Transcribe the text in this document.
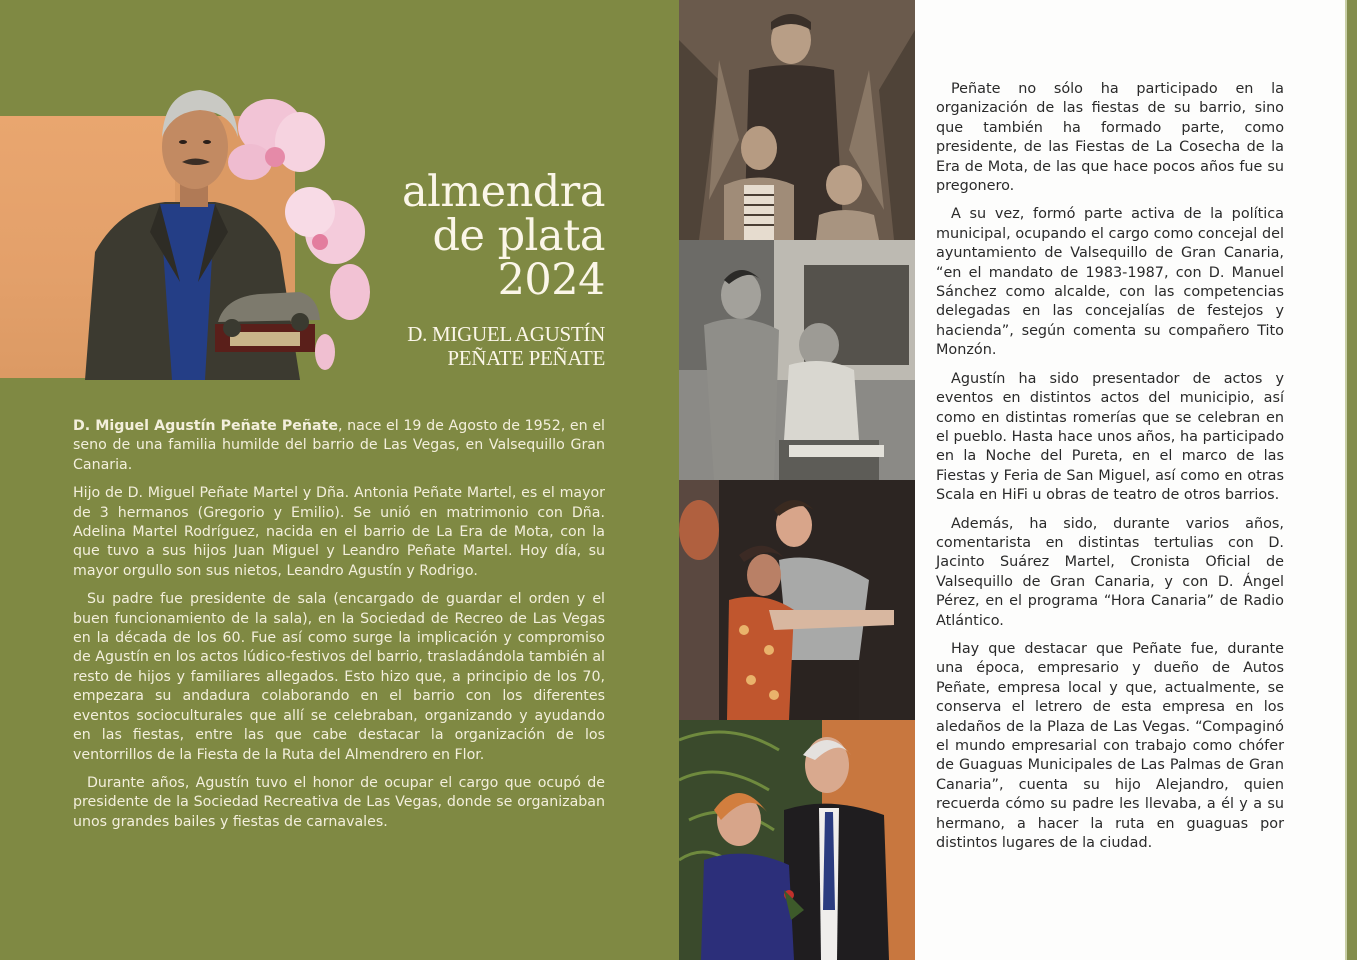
almendra
de plata
2024
D. MIGUEL AGUSTÍN
PEÑATE PEÑATE

D. Miguel Agustín Peñate Peñate, nace el 19 de Agosto de 1952, en el seno de una familia humilde del barrio de Las Vegas, en Valsequillo Gran Canaria.

Hijo de D. Miguel Peñate Martel y Dña. Antonia Peñate Martel, es el mayor de 3 hermanos (Gregorio y Emilio). Se unió en matrimonio con Dña. Adelina Martel Rodríguez, nacida en el barrio de La Era de Mota, con la que tuvo a sus hijos Juan Miguel y Leandro Peñate Martel. Hoy día, su mayor orgullo son sus nietos, Leandro Agustín y Rodrigo.

Su padre fue presidente de sala (encargado de guardar el orden y el buen funcionamiento de la sala), en la Sociedad de Recreo de Las Vegas en la década de los 60. Fue así como surge la implicación y compromiso de Agustín en los actos lúdico-festivos del barrio, trasladándola también al resto de hijos y familiares allegados. Esto hizo que, a principio de los 70, empezara su andadura colaborando en el barrio con los diferentes eventos socioculturales que allí se celebraban, organizando y ayudando en las fiestas, entre las que cabe destacar la organización de los ventorrillos de la Fiesta de la Ruta del Almendrero en Flor.

Durante años, Agustín tuvo el honor de ocupar el cargo que ocupó de presidente de la Sociedad Recreativa de Las Vegas, donde se organizaban unos grandes bailes y fiestas de carnavales.

Peñate no sólo ha participado en la organización de las fiestas de su barrio, sino que también ha formado parte, como presidente, de las Fiestas de La Cosecha de la Era de Mota, de las que hace pocos años fue su pregonero.

A su vez, formó parte activa de la política municipal, ocupando el cargo como concejal del ayuntamiento de Valsequillo de Gran Canaria, “en el mandato de 1983-1987, con D. Manuel Sánchez como alcalde, con las competencias delegadas en las concejalías de festejos y hacienda”, según comenta su compañero Tito Monzón.

Agustín ha sido presentador de actos y eventos en distintos actos del municipio, así como en distintas romerías que se celebran en el pueblo. Hasta hace unos años, ha participado en la Noche del Pureta, en el marco de las Fiestas y Feria de San Miguel, así como en otras Scala en HiFi u obras de teatro de otros barrios.

Además, ha sido, durante varios años, comentarista en distintas tertulias con D. Jacinto Suárez Martel, Cronista Oficial de Valsequillo de Gran Canaria, y con D. Ángel Pérez, en el programa “Hora Canaria” de Radio Atlántico.

Hay que destacar que Peñate fue, durante una época, empresario y dueño de Autos Peñate, empresa local y que, actualmente, se conserva el letrero de esta empresa en los aledaños de la Plaza de Las Vegas. “Compaginó el mundo empresarial con trabajo como chófer de Guaguas Municipales de Las Palmas de Gran Canaria”, cuenta su hijo Alejandro, quien recuerda cómo su padre les llevaba, a él y a su hermano, a hacer la ruta en guaguas por distintos lugares de la ciudad.
